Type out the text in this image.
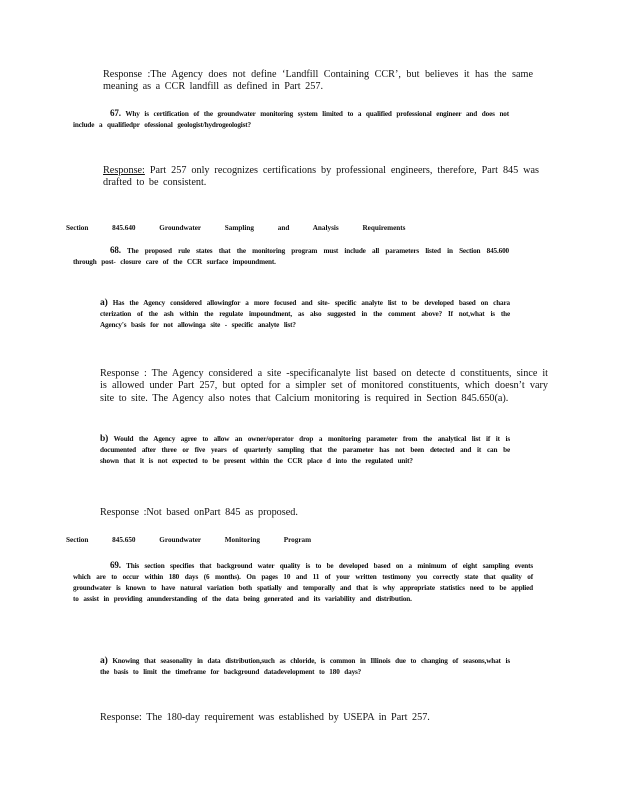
Response :The Agency does not define ‘Landfill Containing CCR’, but believes it has the same meaning as a CCR landfill as defined in Part 257.

67. Why is certification of the groundwater monitoring system limited to a qualified professional engineer and does not include a qualifiedpr ofessional geologist/hydrogeologist?

Response: Part 257 only recognizes certifications by professional engineers, therefore, Part 845 was drafted to be consistent.

Section 845.640 Groundwater Sampling and Analysis Requirements

68. The proposed rule states that the monitoring program must include all parameters listed in Section 845.600 through post- closure care of the CCR surface impoundment.

a) Has the Agency considered allowingfor a more focused and site- specific analyte list to be developed based on chara cterization of the ash within the regulate impoundment, as also suggested in the comment above? If not,what is the Agency's basis for not allowinga site - specific analyte list?

Response : The Agency considered a site -specificanalyte list based on detecte d constituents, since it is allowed under Part 257, but opted for a simpler set of monitored constituents, which doesn’t vary site to site. The Agency also notes that Calcium monitoring is required in Section 845.650(a).

b) Would the Agency agree to allow an owner/operator drop a monitoring parameter from the analytical list if it is documented after three or five years of quarterly sampling that the parameter has not been detected and it can be shown that it is not expected to be present within the CCR place d into the regulated unit?

Response :Not based onPart 845 as proposed.

Section 845.650 Groundwater Monitoring Program

69. This section specifies that background water quality is to be developed based on a minimum of eight sampling events which are to occur within 180 days (6 months). On pages 10 and 11 of your written testimony you correctly state that quality of groundwater is known to have natural variation both spatially and temporally and that is why appropriate statistics need to be applied to assist in providing anunderstanding of the data being generated and its variability and distribution.

a) Knowing that seasonality in data distribution,such as chloride, is common in Illinois due to changing of seasons,what is the basis to limit the timeframe for background datadevelopment to 180 days?

Response: The 180-day requirement was established by USEPA in Part 257.
